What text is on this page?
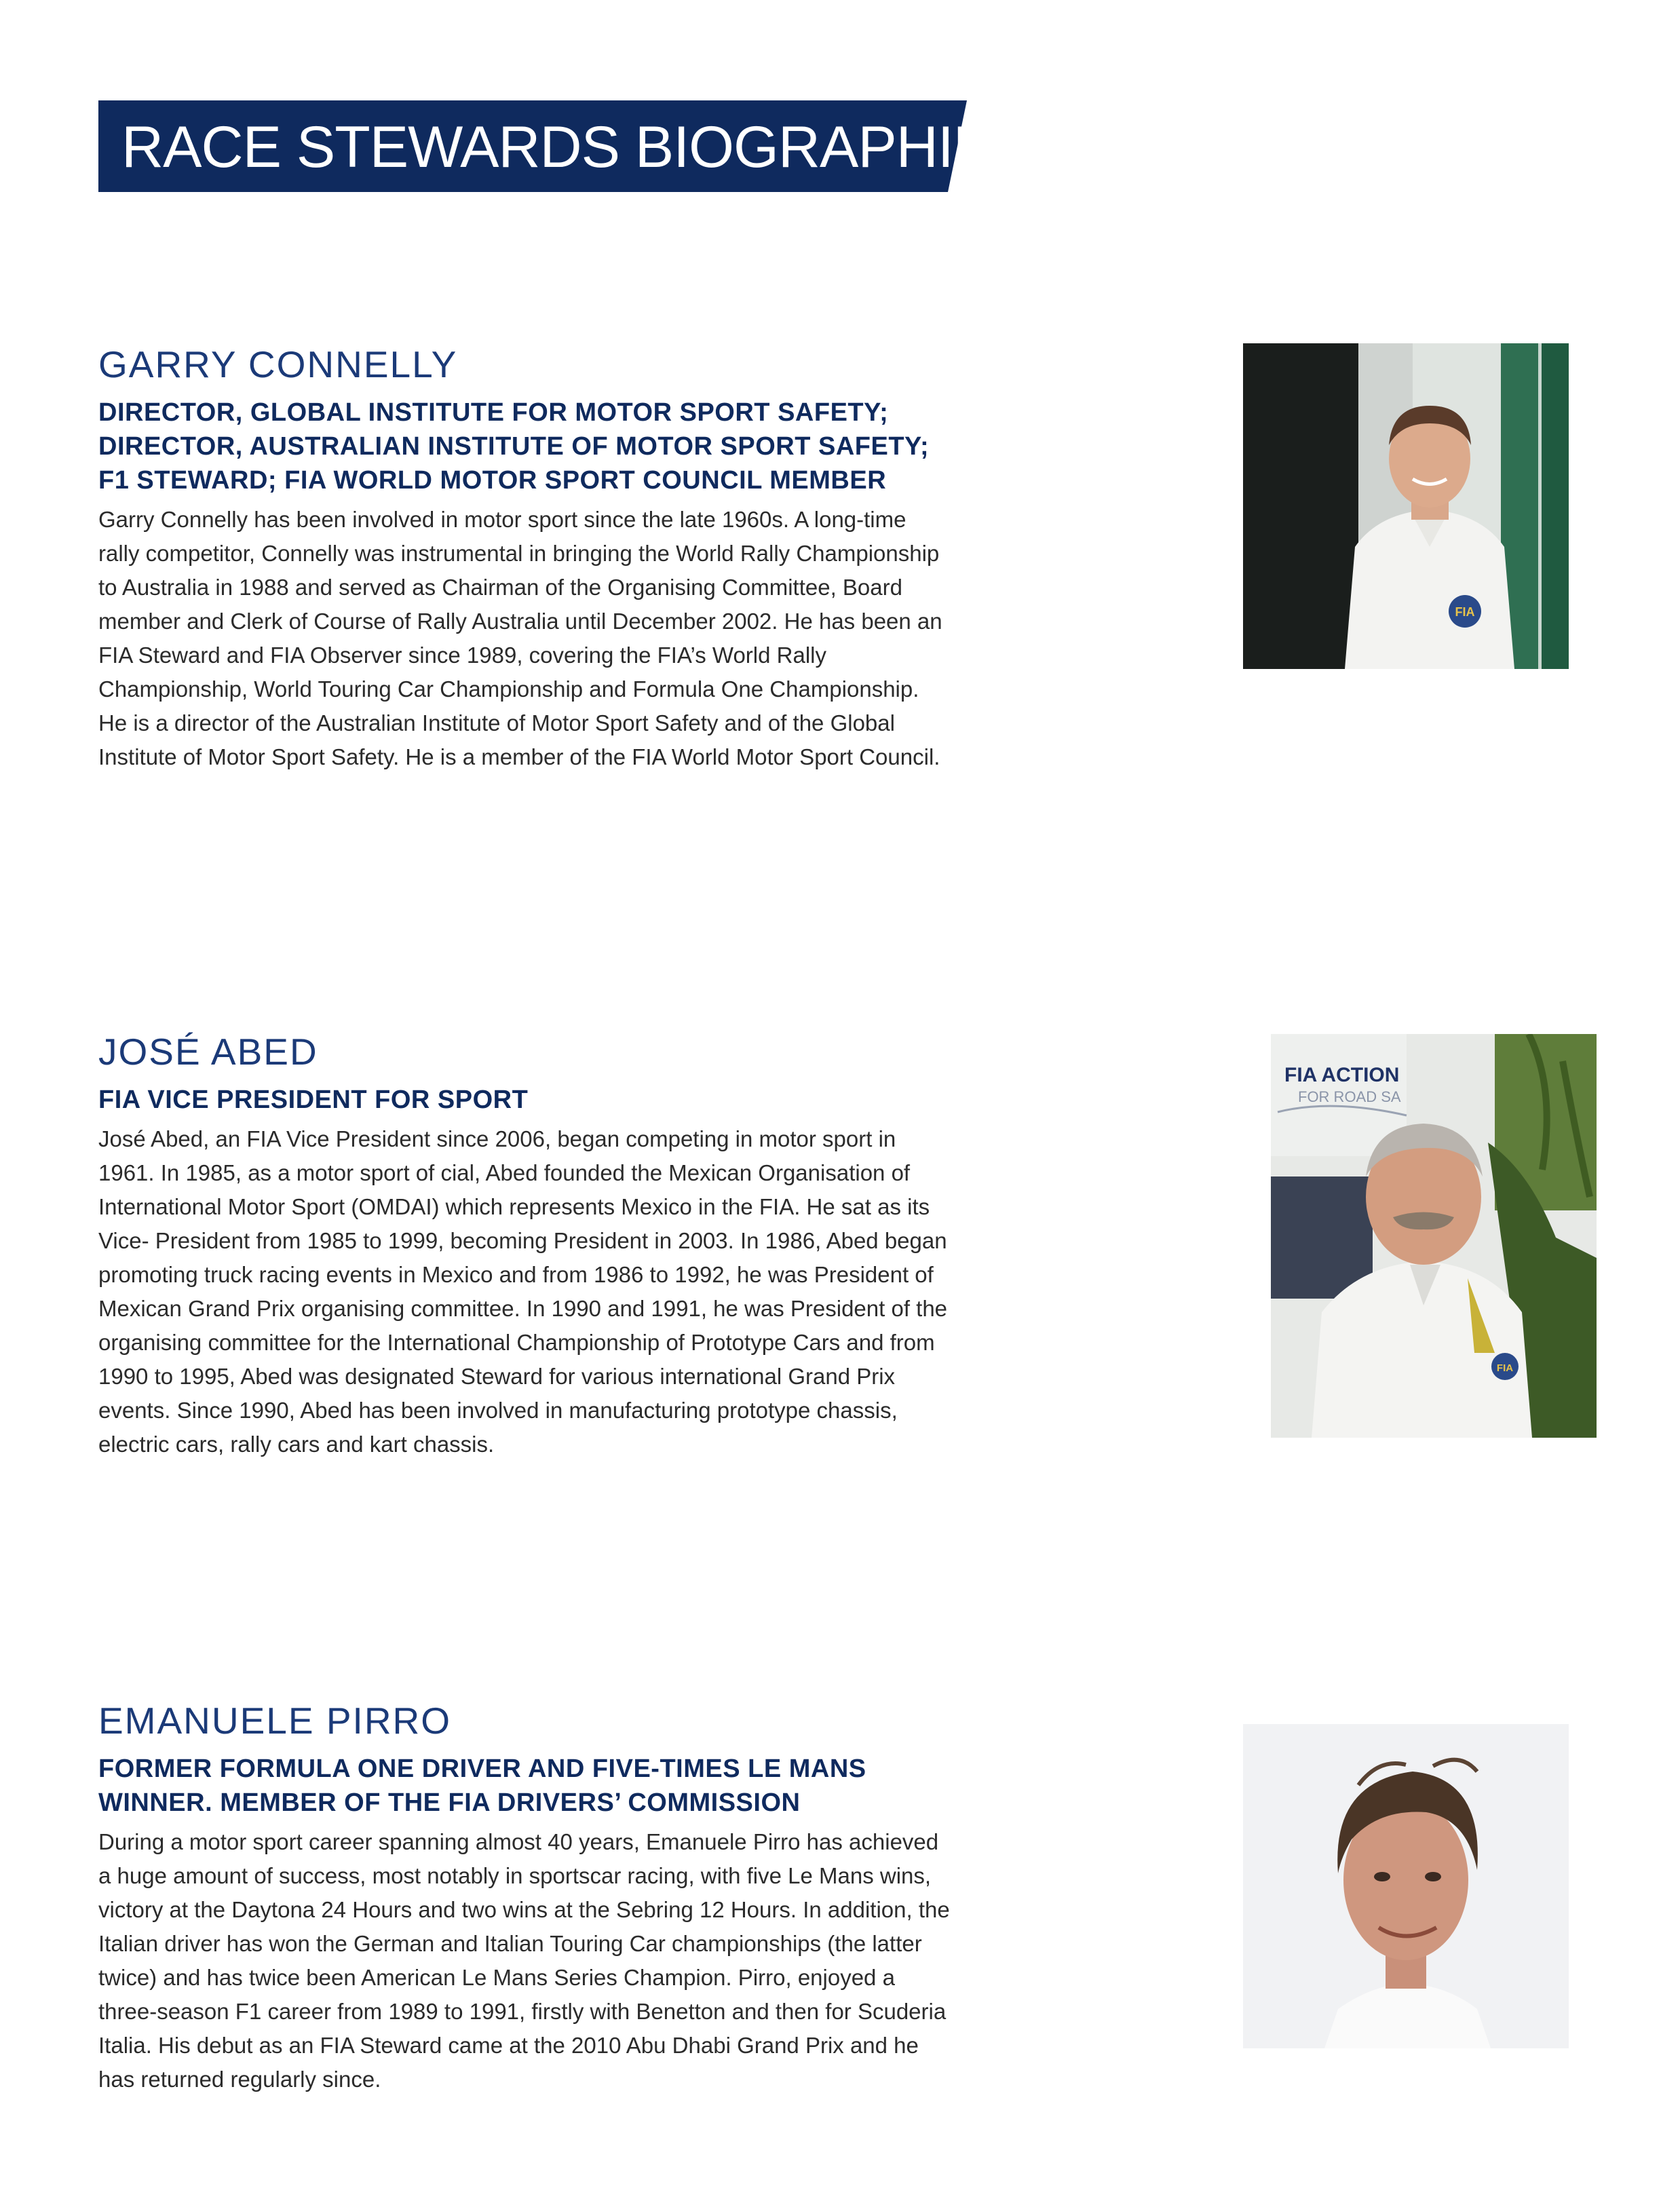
RACE STEWARDS BIOGRAPHIES
GARRY CONNELLY
DIRECTOR, GLOBAL INSTITUTE FOR MOTOR SPORT SAFETY; DIRECTOR, AUSTRALIAN INSTITUTE OF MOTOR SPORT SAFETY; F1 STEWARD; FIA WORLD MOTOR SPORT COUNCIL MEMBER

Garry Connelly has been involved in motor sport since the late 1960s. A long-time rally competitor, Connelly was instrumental in bringing the World Rally Championship to Australia in 1988 and served as Chairman of the Organising Committee, Board member and Clerk of Course of Rally Australia until December 2002. He has been an FIA Steward and FIA Observer since 1989, covering the FIA’s World Rally Championship, World Touring Car Championship and Formula One Championship. He is a director of the Australian Institute of Motor Sport Safety and of the Global Institute of Motor Sport Safety. He is a member of the FIA World Motor Sport Council.

FIA
JOSÉ ABED
FIA VICE PRESIDENT FOR SPORT

José Abed, an FIA Vice President since 2006, began competing in motor sport in 1961. In 1985, as a motor sport of cial, Abed founded the Mexican Organisation of International Motor Sport (OMDAI) which represents Mexico in the FIA. He sat as its Vice- President from 1985 to 1999, becoming President in 2003. In 1986, Abed began promoting truck racing events in Mexico and from 1986 to 1992, he was President of Mexican Grand Prix organising committee. In 1990 and 1991, he was President of the organising committee for the International Championship of Prototype Cars and from 1990 to 1995, Abed was designated Steward for various international Grand Prix events. Since 1990, Abed has been involved in manufacturing prototype chassis, electric cars, rally cars and kart chassis.

FIA ACTION
FOR ROAD SA
FIA
EMANUELE PIRRO
FORMER FORMULA ONE DRIVER AND FIVE-TIMES LE MANS WINNER. MEMBER OF THE FIA DRIVERS’ COMMISSION

During a motor sport career spanning almost 40 years, Emanuele Pirro has achieved a huge amount of success, most notably in sportscar racing, with five Le Mans wins, victory at the Daytona 24 Hours and two wins at the Sebring 12 Hours. In addition, the Italian driver has won the German and Italian Touring Car championships (the latter twice) and has twice been American Le Mans Series Champion. Pirro, enjoyed a three-season F1 career from 1989 to 1991, firstly with Benetton and then for Scuderia Italia. His debut as an FIA Steward came at the 2010 Abu Dhabi Grand Prix and he has returned regularly since.
